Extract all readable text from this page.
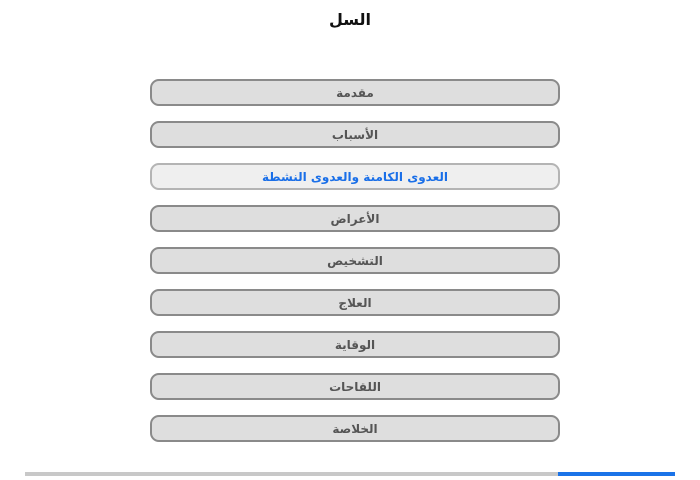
السل
مقدمة
الأسباب
العدوى الكامنة والعدوى النشطة
الأعراض
التشخيص
العلاج
الوقاية
اللقاحات
الخلاصة
